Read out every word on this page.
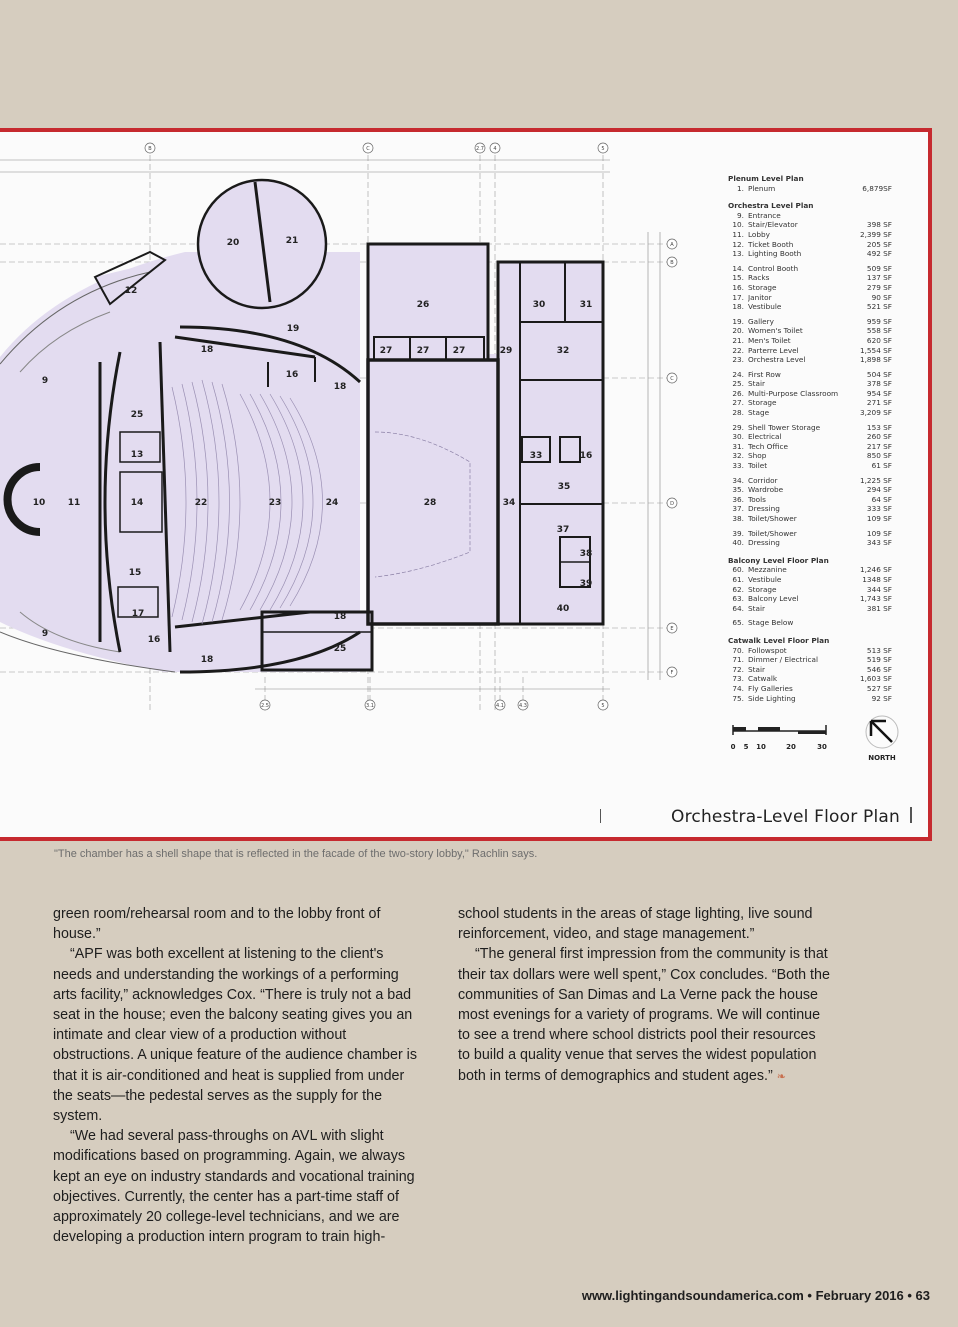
B	C	2.7 4	5
A
B
C
D
E
F
2.5	3.1	4.1	4.3	5
9
9
10 11
12
13
14
15
16
16
16
17
18
18
18
18
19
20	21
22	23	24
25
25
26
27	27	27
28
29
30	31
32
33
34
35
37
38
39
40
Plenum Level Plan
1. Plenum	6,879SF
Orchestra Level Plan
9. Entrance
10. Stair/Elevator	398 SF
11. Lobby	2,399 SF
12. Ticket Booth	205 SF
13. Lighting Booth	492 SF
14. Control Booth	509 SF
15. Racks	137 SF
16. Storage	279 SF
17. Janitor	90 SF
18. Vestibule	521 SF
19. Gallery	959 SF
20. Women's Toilet	558 SF
21. Men's Toilet	620 SF
22. Parterre Level	1,554 SF
23. Orchestra Level	1,898 SF
24. First Row	504 SF
25. Stair	378 SF
26. Multi-Purpose Classroom	954 SF
27. Storage	271 SF
28. Stage	3,209 SF
29. Shell Tower Storage	153 SF
30. Electrical	260 SF
31. Tech Office	217 SF
32. Shop	850 SF
33. Toilet	61 SF
34. Corridor	1,225 SF
35. Wardrobe	294 SF
36. Tools	64 SF
37. Dressing	333 SF
38. Toilet/Shower	109 SF
39. Toilet/Shower	109 SF
40. Dressing	343 SF
Balcony Level Floor Plan
60. Mezzanine	1,246 SF
61. Vestibule	1348 SF
62. Storage	344 SF
63. Balcony Level	1,743 SF
64. Stair	381 SF
65. Stage Below
Catwalk Level Floor Plan
70. Followspot	513 SF
71. Dimmer / Electrical	519 SF
72. Stair	546 SF
73. Catwalk	1,603 SF
74. Fly Galleries	527 SF
75. Side Lighting	92 SF
0 5 10	20	30
NORTH
Orchestra-Level Floor Plan
"The chamber has a shell shape that is reflected in the facade of the two-story lobby," Rachlin says.

green room/rehearsal room and to the lobby front of house.”

“APF was both excellent at listening to the client's needs and understanding the workings of a performing arts facility,” acknowledges Cox. “There is truly not a bad seat in the house; even the balcony seating gives you an intimate and clear view of a production without obstructions. A unique feature of the audience chamber is that it is air-conditioned and heat is supplied from under the seats—the pedestal serves as the supply for the system.

“We had several pass-throughs on AVL with slight modifications based on programming. Again, we always kept an eye on industry standards and vocational training objectives. Currently, the center has a part-time staff of approximately 20 college-level technicians, and we are developing a production intern program to train high-

school students in the areas of stage lighting, live sound reinforcement, video, and stage management.”

“The general first impression from the community is that their tax dollars were well spent,” Cox concludes. “Both the communities of San Dimas and La Verne pack the house most evenings for a variety of programs. We will continue to see a trend where school districts pool their resources to build a quality venue that serves the widest population both in terms of demographics and student ages.” ❧

www.lightingandsoundamerica.com • February 2016 • 63
